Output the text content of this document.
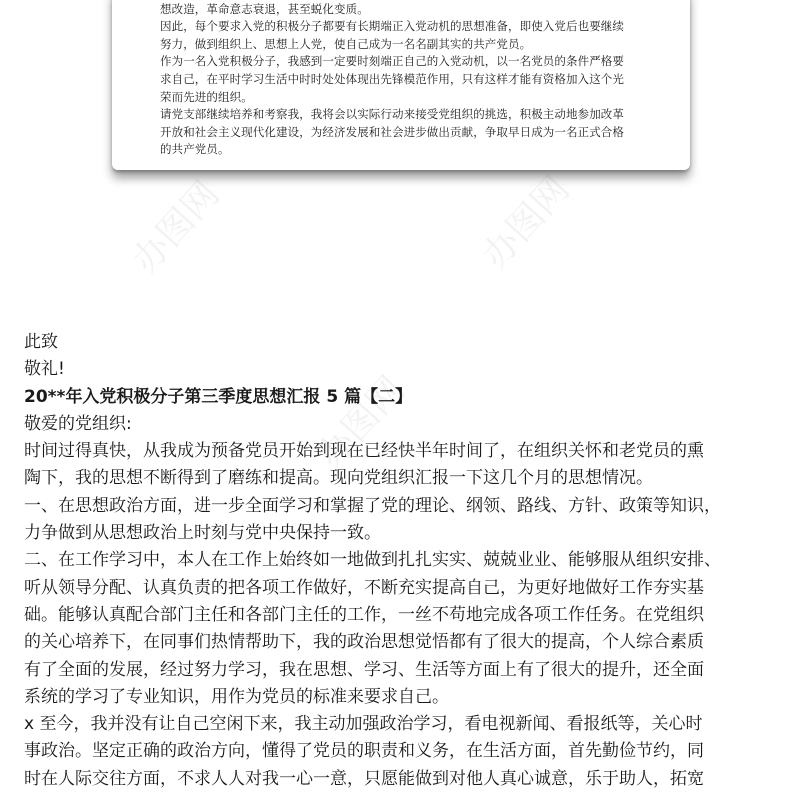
办图网	办图网
办图网

想改造，革命意志衰退，甚至蜕化变质。

因此，每个要求入党的积极分子都要有长期端正入党动机的思想准备，即使入党后也要继续

努力，做到组织上、思想上人党，使自己成为一名名副其实的共产党员。

作为一名入党积极分子，我感到一定要时刻端正自己的入党动机，以一名党员的条件严格要

求自己，在平时学习生活中时时处处体现出先锋模范作用，只有这样才能有资格加入这个光

荣而先进的组织。

请党支部继续培养和考察我，我将会以实际行动来接受党组织的挑选，积极主动地参加改革

开放和社会主义现代化建设，为经济发展和社会进步做出贡献，争取早日成为一名正式合格

的共产党员。

此致

敬礼!

20**年入党积极分子第三季度思想汇报 5 篇【二】

敬爱的党组织:

时间过得真快，从我成为预备党员开始到现在已经快半年时间了，在组织关怀和老党员的熏

陶下，我的思想不断得到了磨练和提高。现向党组织汇报一下这几个月的思想情况。

一、在思想政治方面，进一步全面学习和掌握了党的理论、纲领、路线、方针、政策等知识，

力争做到从思想政治上时刻与党中央保持一致。

二、在工作学习中，本人在工作上始终如一地做到扎扎实实、兢兢业业、能够服从组织安排、

听从领导分配、认真负责的把各项工作做好，不断充实提高自己，为更好地做好工作夯实基

础。能够认真配合部门主任和各部门主任的工作，一丝不苟地完成各项工作任务。在党组织

的关心培养下，在同事们热情帮助下，我的政治思想觉悟都有了很大的提高，个人综合素质

有了全面的发展，经过努力学习，我在思想、学习、生活等方面上有了很大的提升，还全面

系统的学习了专业知识，用作为党员的标准来要求自己。

x 至今，我并没有让自己空闲下来，我主动加强政治学习，看电视新闻、看报纸等，关心时

事政治。坚定正确的政治方向，懂得了党员的职责和义务，在生活方面，首先勤俭节约，同

时在人际交往方面，不求人人对我一心一意，只愿能做到对他人真心诚意，乐于助人，拓宽
